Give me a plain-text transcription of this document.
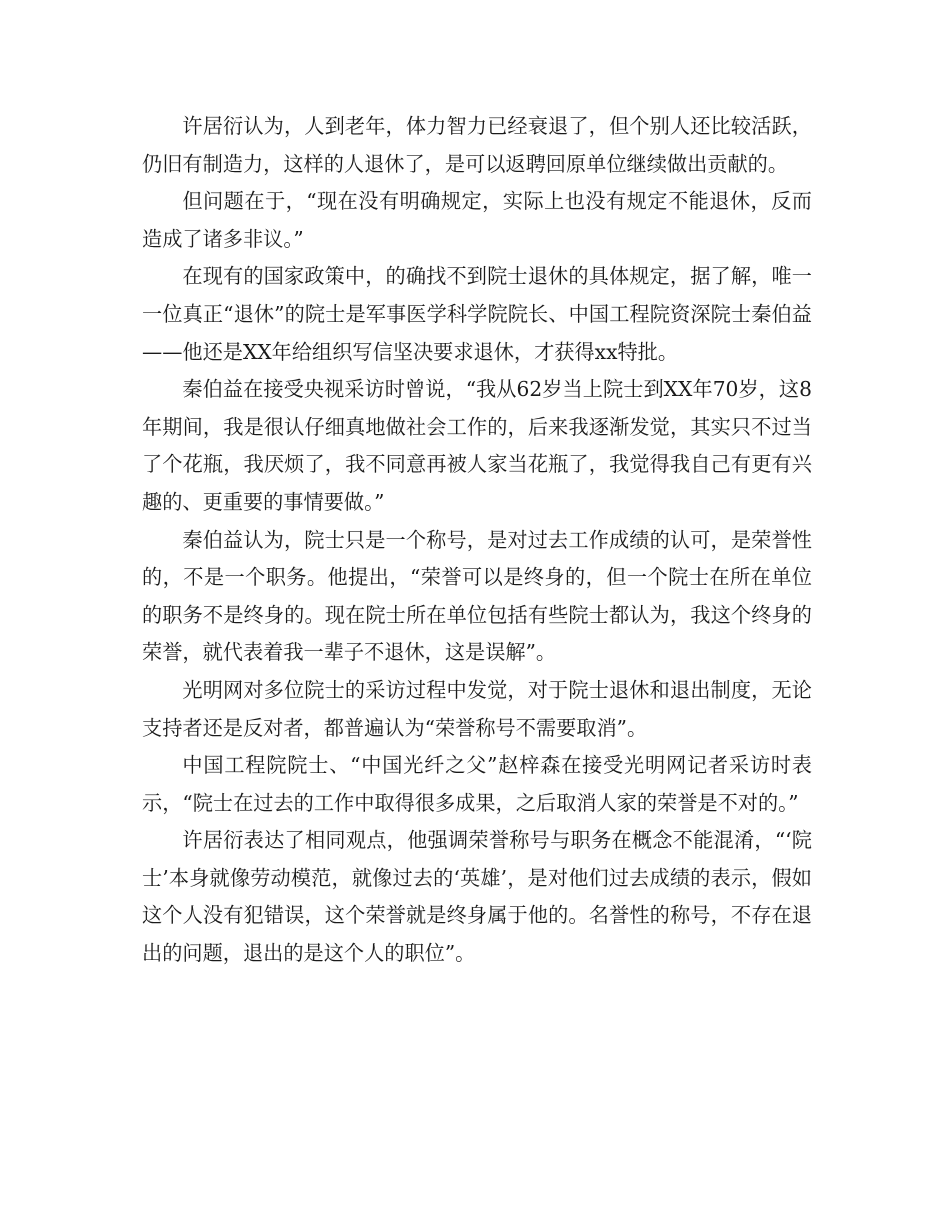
许居衍认为，人到老年，体力智力已经衰退了，但个别人还比较活跃，仍旧有制造力，这样的人退休了，是可以返聘回原单位继续做出贡献的。

但问题在于，“现在没有明确规定，实际上也没有规定不能退休，反而造成了诸多非议。”

在现有的国家政策中，的确找不到院士退休的具体规定，据了解，唯一一位真正“退休”的院士是军事医学科学院院长、中国工程院资深院士秦伯益——他还是XX年给组织写信坚决要求退休，才获得xx特批。

秦伯益在接受央视采访时曾说，“我从62岁当上院士到XX年70岁，这8年期间，我是很认仔细真地做社会工作的，后来我逐渐发觉，其实只不过当了个花瓶，我厌烦了，我不同意再被人家当花瓶了，我觉得我自己有更有兴趣的、更重要的事情要做。”

秦伯益认为，院士只是一个称号，是对过去工作成绩的认可，是荣誉性的，不是一个职务。他提出，“荣誉可以是终身的，但一个院士在所在单位的职务不是终身的。现在院士所在单位包括有些院士都认为，我这个终身的荣誉，就代表着我一辈子不退休，这是误解”。

光明网对多位院士的采访过程中发觉，对于院士退休和退出制度，无论支持者还是反对者，都普遍认为“荣誉称号不需要取消”。

中国工程院院士、“中国光纤之父”赵梓森在接受光明网记者采访时表示，“院士在过去的工作中取得很多成果，之后取消人家的荣誉是不对的。”

许居衍表达了相同观点，他强调荣誉称号与职务在概念不能混淆，“‘院士’本身就像劳动模范，就像过去的‘英雄’，是对他们过去成绩的表示，假如这个人没有犯错误，这个荣誉就是终身属于他的。名誉性的称号，不存在退出的问题，退出的是这个人的职位”。
